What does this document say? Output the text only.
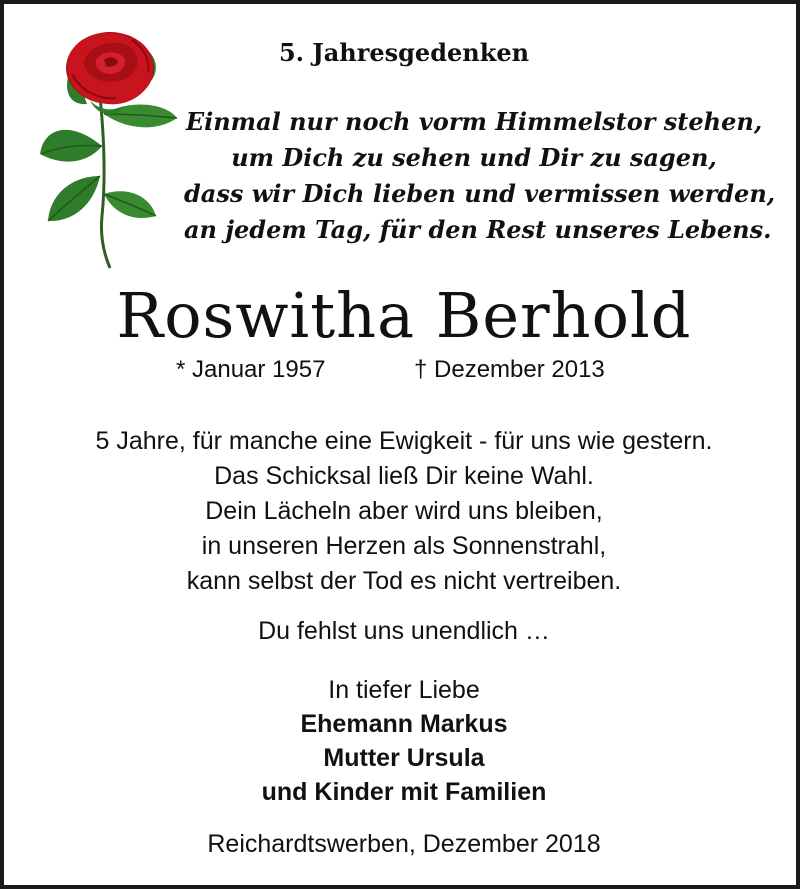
5. Jahresgedenken
Einmal nur noch vorm Himmelstor stehen,
um Dich zu sehen und Dir zu sagen,
dass wir Dich lieben und vermissen werden,
an jedem Tag, für den Rest unseres Lebens.
Roswitha Berhold
* Januar 1957	† Dezember 2013
5 Jahre, für manche eine Ewigkeit - für uns wie gestern.
Das Schicksal ließ Dir keine Wahl.
Dein Lächeln aber wird uns bleiben,
in unseren Herzen als Sonnenstrahl,
kann selbst der Tod es nicht vertreiben.
Du fehlst uns unendlich …
In tiefer Liebe
Ehemann Markus
Mutter Ursula
und Kinder mit Familien
Reichardtswerben, Dezember 2018
